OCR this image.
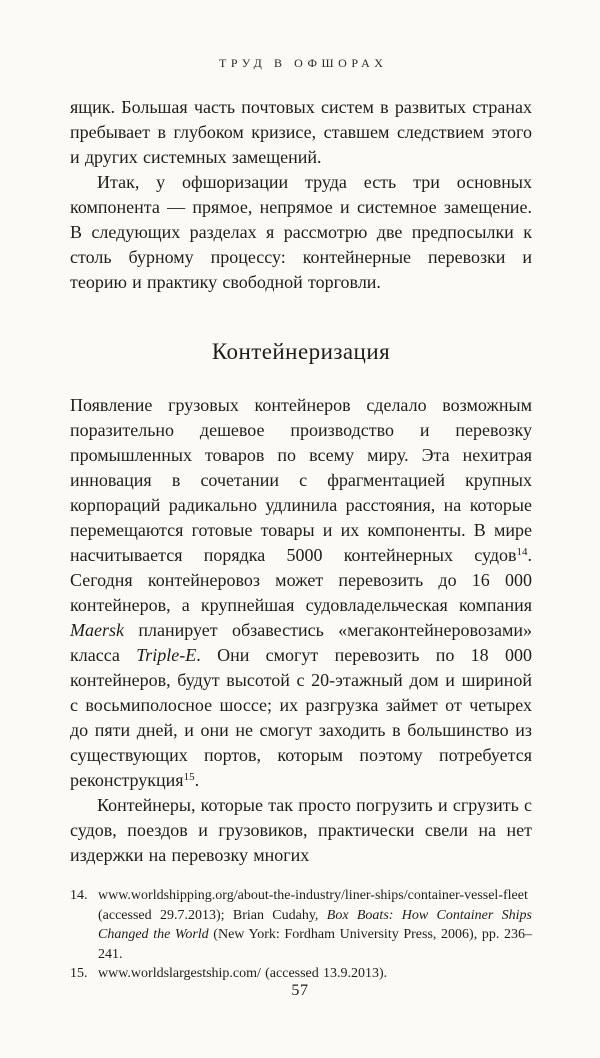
ТРУД В ОФШОРАХ

ящик. Большая часть почтовых систем в развитых странах пребывает в глубоком кризисе, ставшем следствием этого и других системных замещений.

Итак, у офшоризации труда есть три основных компонента — прямое, непрямое и системное замещение. В следующих разделах я рассмотрю две предпосылки к столь бурному процессу: контейнерные перевозки и теорию и практику свободной торговли.

Контейнеризация

Появление грузовых контейнеров сделало возможным поразительно дешевое производство и перевозку промышленных товаров по всему миру. Эта нехитрая инновация в сочетании с фрагментацией крупных корпораций радикально удлинила расстояния, на которые перемещаются готовые товары и их компоненты. В мире насчитывается порядка 5000 контейнерных судов$^{14}$. Сегодня контейнеровоз может перевозить до 16 000 контейнеров, а крупнейшая судовладельческая компания Maersk планирует обзавестись «мегаконтейнеровозами» класса Triple-E. Они смогут перевозить по 18 000 контейнеров, будут высотой с 20-этажный дом и шириной с восьмиполосное шоссе; их разгрузка займет от четырех до пяти дней, и они не смогут заходить в большинство из существующих портов, которым поэтому потребуется реконструкция$^{15}$.

Контейнеры, которые так просто погрузить и сгрузить с судов, поездов и грузовиков, практически свели на нет издержки на перевозку многих

14. www.worldshipping.org/about-the-industry/liner-ships/container-vessel-fleet (accessed 29.7.2013); Brian Cudahy, Box Boats: How Container Ships Changed the World (New York: Fordham University Press, 2006), pp. 236–241.
15. www.worldslargestship.com/ (accessed 13.9.2013).
57
